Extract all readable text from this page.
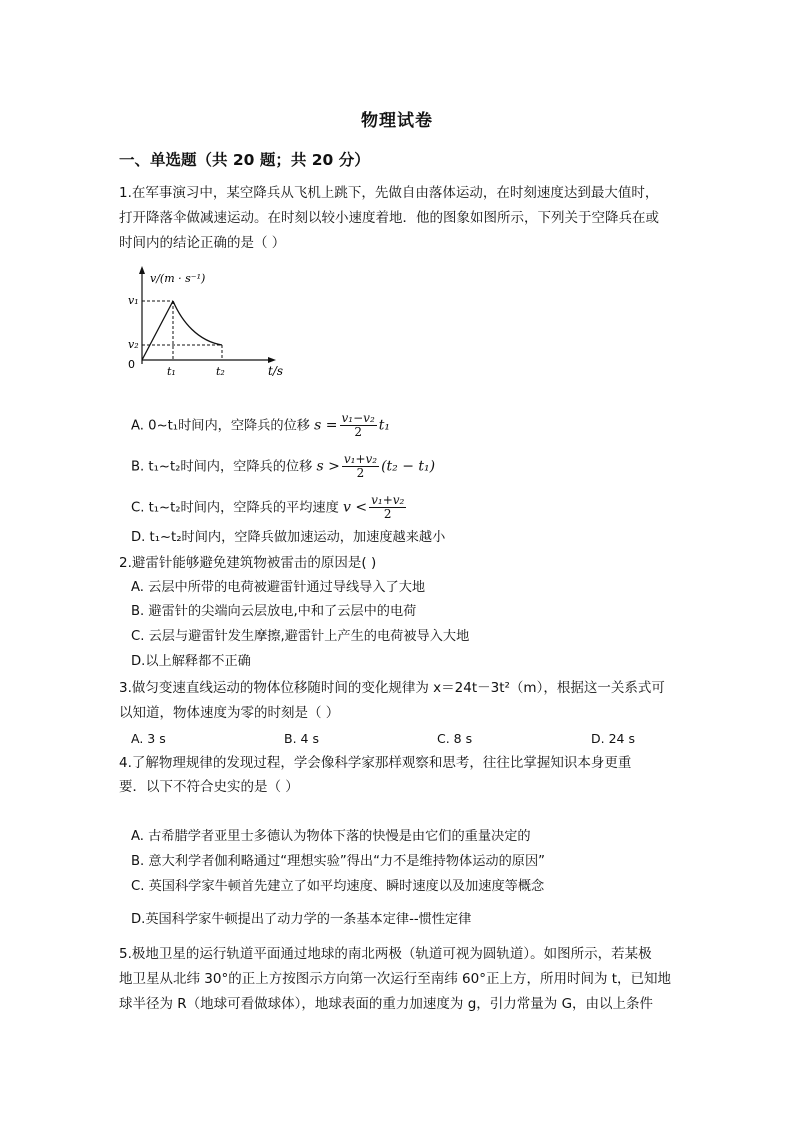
物理试卷
一、单选题（共 20 题；共 20 分）
1.在军事演习中，某空降兵从飞机上跳下，先做自由落体运动，在时刻速度达到最大值时，
打开降落伞做减速运动。在时刻以较小速度着地．他的图象如图所示，下列关于空降兵在或
时间内的结论正确的是（ ）
v/(m · s⁻¹)
t/s
0
v₁
v₂
t₁	t₂
A. 0~t₁时间内，空降兵的位移 $s = \frac{\text{v₁−v₂}}{2} t_1$
B. t₁~t₂时间内，空降兵的位移 $s > \frac{\text{v₁+v₂}}{2} (t_2 - t_1)$
C. t₁~t₂时间内，空降兵的平均速度 $v < \frac{\text{v₁+v₂}}{2}$
D. t₁~t₂时间内，空降兵做加速运动，加速度越来越小
2.避雷针能够避免建筑物被雷击的原因是( )
A. 云层中所带的电荷被避雷针通过导线导入了大地
B. 避雷针的尖端向云层放电,中和了云层中的电荷
C. 云层与避雷针发生摩擦,避雷针上产生的电荷被导入大地
D.以上解释都不正确
3.做匀变速直线运动的物体位移随时间的变化规律为 x＝24t－3t²（m），根据这一关系式可
以知道，物体速度为零的时刻是（ ）
A. 3 s	B. 4 s	C. 8 s	D. 24 s
4.了解物理规律的发现过程，学会像科学家那样观察和思考，往往比掌握知识本身更重
要．以下不符合史实的是（ ）
A. 古希腊学者亚里士多德认为物体下落的快慢是由它们的重量决定的
B. 意大利学者伽利略通过“理想实验”得出“力不是维持物体运动的原因”
C. 英国科学家牛顿首先建立了如平均速度、瞬时速度以及加速度等概念
D.英国科学家牛顿提出了动力学的一条基本定律--惯性定律
5.极地卫星的运行轨道平面通过地球的南北两极（轨道可视为圆轨道）。如图所示，若某极
地卫星从北纬 30°的正上方按图示方向第一次运行至南纬 60°正上方，所用时间为 t，已知地
球半径为 R（地球可看做球体），地球表面的重力加速度为 g，引力常量为 G，由以上条件
